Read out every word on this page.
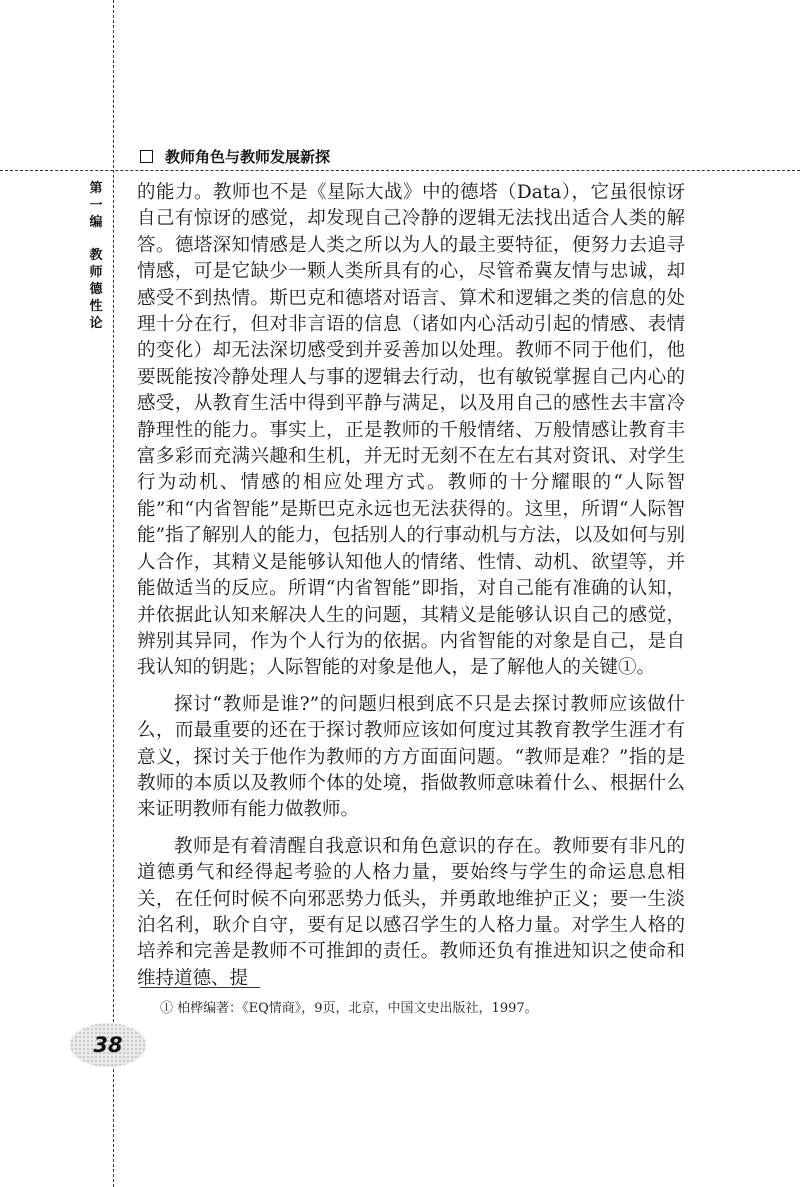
教师角色与教师发展新探
第一编
教师德性论

的能力。教师也不是《星际大战》中的德塔（Data），它虽很惊讶自己有惊讶的感觉，却发现自己冷静的逻辑无法找出适合人类的解答。德塔深知情感是人类之所以为人的最主要特征，便努力去追寻情感，可是它缺少一颗人类所具有的心，尽管希冀友情与忠诚，却感受不到热情。斯巴克和德塔对语言、算术和逻辑之类的信息的处理十分在行，但对非言语的信息（诸如内心活动引起的情感、表情的变化）却无法深切感受到并妥善加以处理。教师不同于他们，他要既能按冷静处理人与事的逻辑去行动，也有敏锐掌握自己内心的感受，从教育生活中得到平静与满足，以及用自己的感性去丰富冷静理性的能力。事实上，正是教师的千般情绪、万般情感让教育丰富多彩而充满兴趣和生机，并无时无刻不在左右其对资讯、对学生行为动机、情感的相应处理方式。教师的十分耀眼的“人际智能”和“内省智能”是斯巴克永远也无法获得的。这里，所谓“人际智能”指了解别人的能力，包括别人的行事动机与方法，以及如何与别人合作，其精义是能够认知他人的情绪、性情、动机、欲望等，并能做适当的反应。所谓“内省智能”即指，对自己能有准确的认知，并依据此认知来解决人生的问题，其精义是能够认识自己的感觉，辨别其异同，作为个人行为的依据。内省智能的对象是自己，是自我认知的钥匙；人际智能的对象是他人，是了解他人的关键①。

探讨“教师是谁?”的问题归根到底不只是去探讨教师应该做什么，而最重要的还在于探讨教师应该如何度过其教育教学生涯才有意义，探讨关于他作为教师的方方面面问题。“教师是难？”指的是教师的本质以及教师个体的处境，指做教师意味着什么、根据什么来证明教师有能力做教师。

教师是有着清醒自我意识和角色意识的存在。教师要有非凡的道德勇气和经得起考验的人格力量，要始终与学生的命运息息相关，在任何时候不向邪恶势力低头，并勇敢地维护正义；要一生淡泊名利，耿介自守，要有足以感召学生的人格力量。对学生人格的培养和完善是教师不可推卸的责任。教师还负有推进知识之使命和维持道德、提

① 柏桦编著：《EQ情商》，9页，北京，中国文史出版社，1997。
38
